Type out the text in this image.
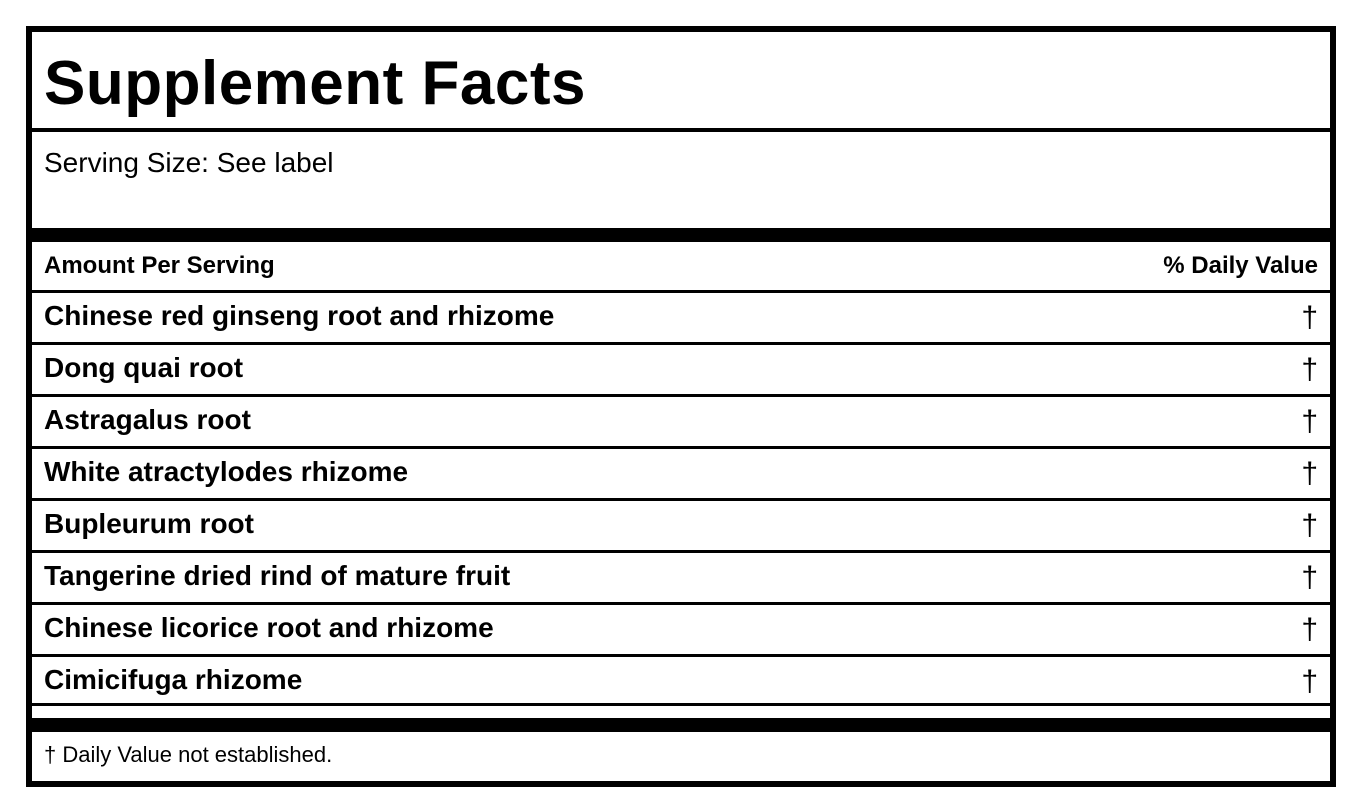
Supplement Facts
Serving Size: See label
Amount Per Serving	% Daily Value
Chinese red ginseng root and rhizome	†
Dong quai root	†
Astragalus root	†
White atractylodes rhizome	†
Bupleurum root	†
Tangerine dried rind of mature fruit	†
Chinese licorice root and rhizome	†
Cimicifuga rhizome	†
† Daily Value not established.
